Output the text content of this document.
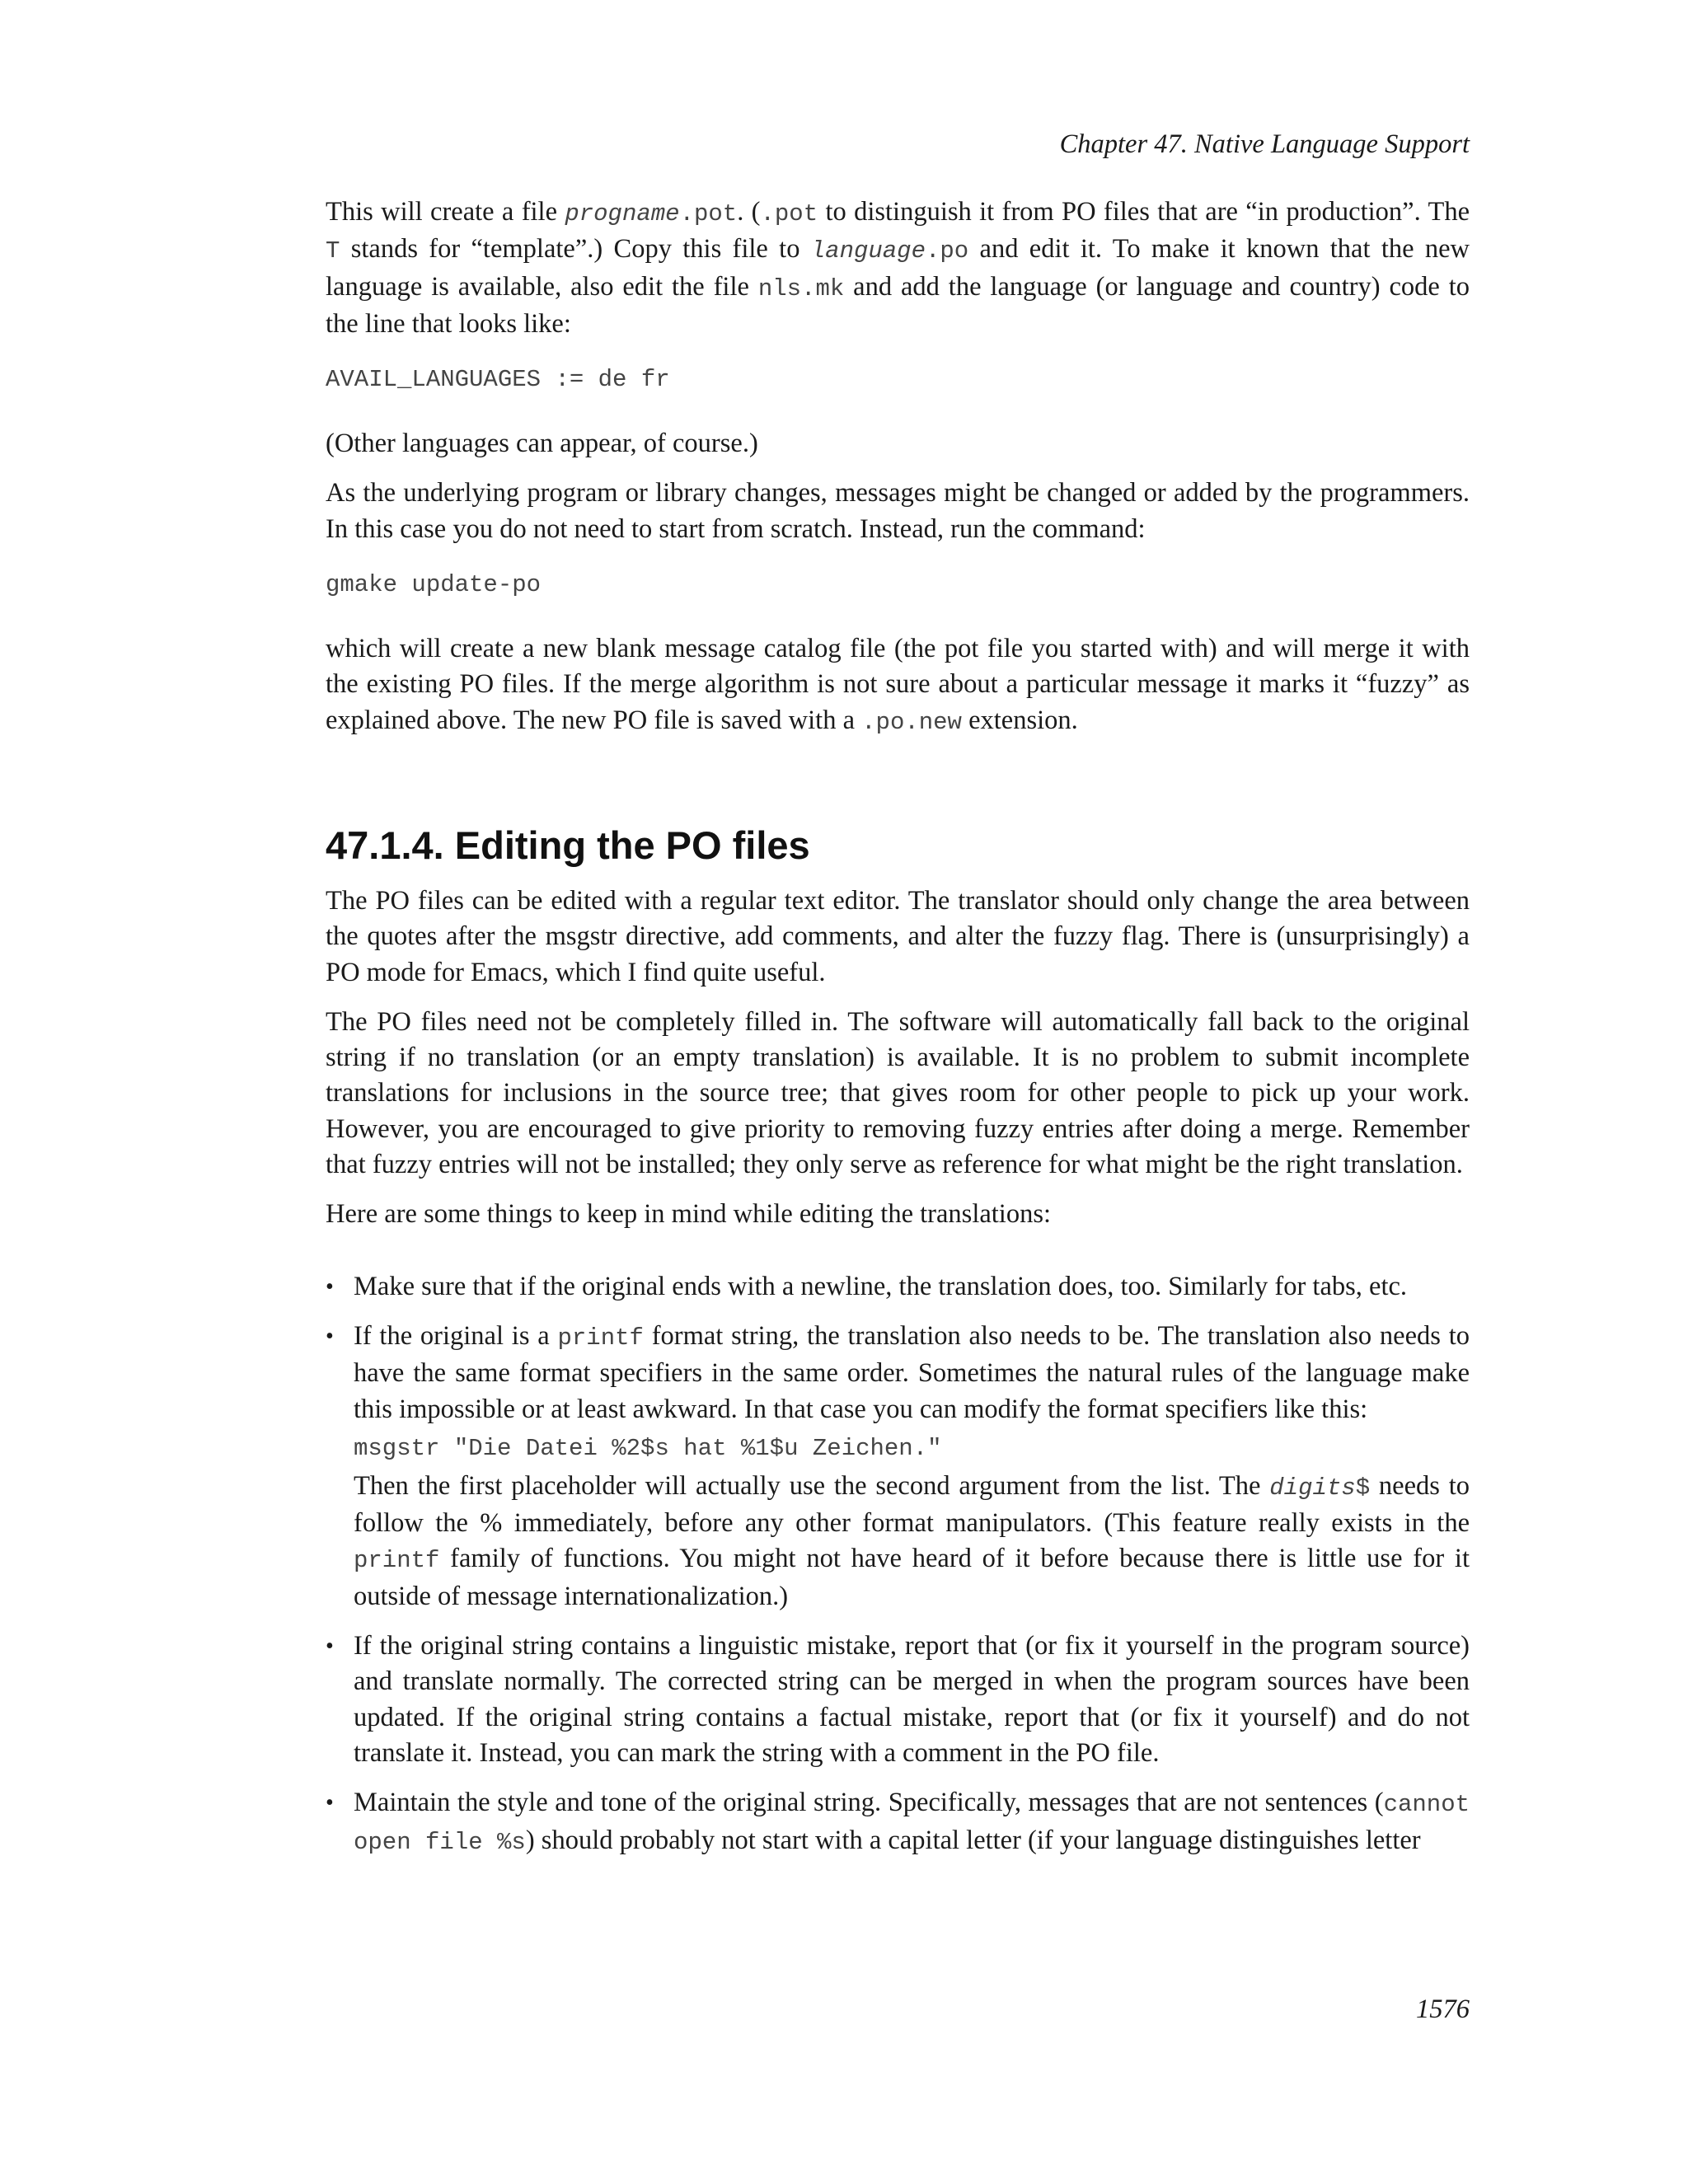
Chapter 47. Native Language Support

This will create a file progname.pot. (.pot to distinguish it from PO files that are “in production”. The T stands for “template”.) Copy this file to language.po and edit it. To make it known that the new language is available, also edit the file nls.mk and add the language (or language and country) code to the line that looks like:

AVAIL_LANGUAGES := de fr

(Other languages can appear, of course.)

As the underlying program or library changes, messages might be changed or added by the programmers. In this case you do not need to start from scratch. Instead, run the command:

gmake update-po

which will create a new blank message catalog file (the pot file you started with) and will merge it with the existing PO files. If the merge algorithm is not sure about a particular message it marks it “fuzzy” as explained above. The new PO file is saved with a .po.new extension.

47.1.4. Editing the PO files

The PO files can be edited with a regular text editor. The translator should only change the area between the quotes after the msgstr directive, add comments, and alter the fuzzy flag. There is (unsurprisingly) a PO mode for Emacs, which I find quite useful.

The PO files need not be completely filled in. The software will automatically fall back to the original string if no translation (or an empty translation) is available. It is no problem to submit incomplete translations for inclusions in the source tree; that gives room for other people to pick up your work. However, you are encouraged to give priority to removing fuzzy entries after doing a merge. Remember that fuzzy entries will not be installed; they only serve as reference for what might be the right translation.

Here are some things to keep in mind while editing the translations:

• Make sure that if the original ends with a newline, the translation does, too. Similarly for tabs, etc.
• If the original is a printf format string, the translation also needs to be. The translation also needs to have the same format specifiers in the same order. Sometimes the natural rules of the language make this impossible or at least awkward. In that case you can modify the format specifiers like this:
msgstr "Die Datei %2$s hat %1$u Zeichen."
Then the first placeholder will actually use the second argument from the list. The digits$ needs to follow the % immediately, before any other format manipulators. (This feature really exists in the printf family of functions. You might not have heard of it before because there is little use for it outside of message internationalization.)
• If the original string contains a linguistic mistake, report that (or fix it yourself in the program source) and translate normally. The corrected string can be merged in when the program sources have been updated. If the original string contains a factual mistake, report that (or fix it yourself) and do not translate it. Instead, you can mark the string with a comment in the PO file.
• Maintain the style and tone of the original string. Specifically, messages that are not sentences (cannot open file %s) should probably not start with a capital letter (if your language distinguishes letter
1576
